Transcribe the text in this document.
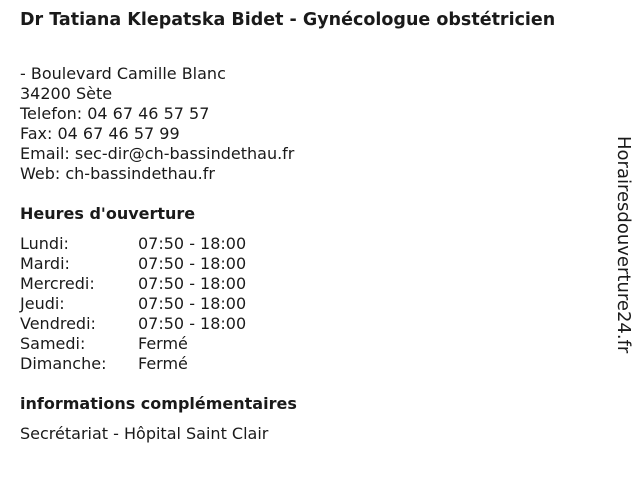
Dr Tatiana Klepatska Bidet - Gynécologue obstétricien
- Boulevard Camille Blanc
34200 Sète
Telefon: 04 67 46 57 57
Fax: 04 67 46 57 99
Email: sec-dir@ch-bassindethau.fr
Web: ch-bassindethau.fr
Heures d'ouverture
Lundi:	07:50 - 18:00
Mardi:	07:50 - 18:00
Mercredi:	07:50 - 18:00
Jeudi:	07:50 - 18:00
Vendredi:	07:50 - 18:00
Samedi:	Fermé
Dimanche: Fermé
informations complémentaires
Secrétariat - Hôpital Saint Clair
Horairesdouverture24.fr
